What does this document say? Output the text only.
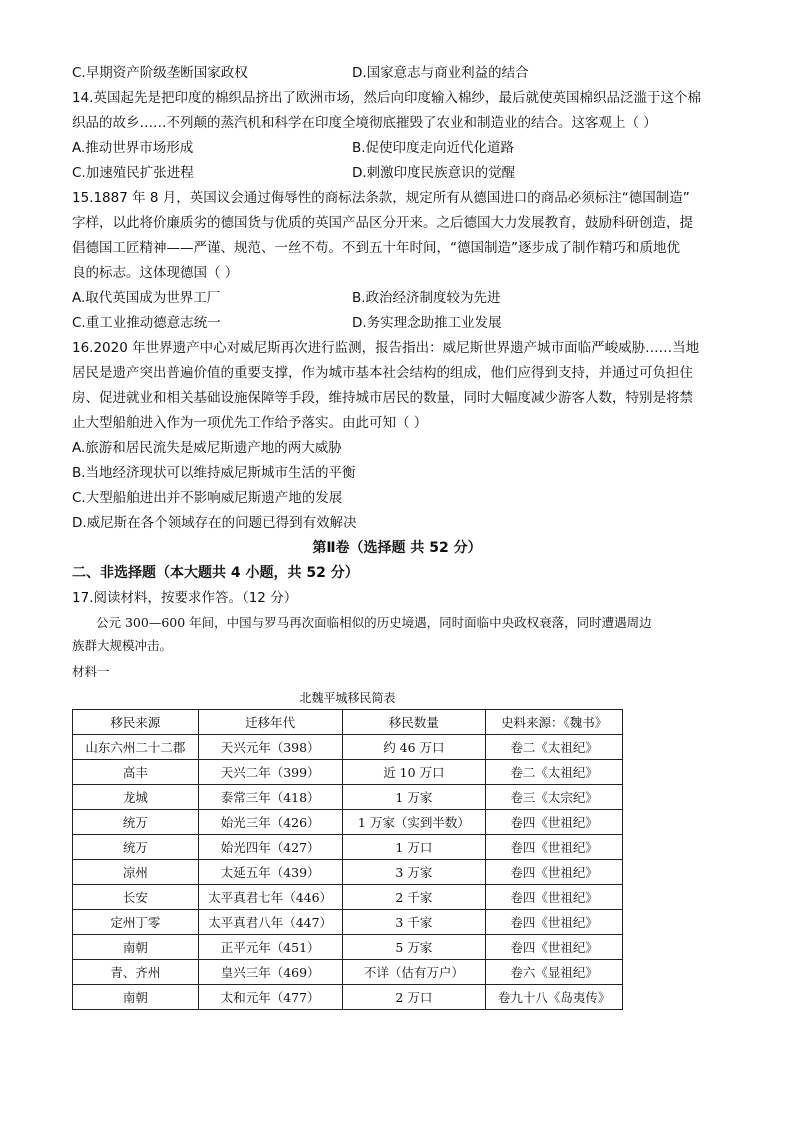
C.早期资产阶级垄断国家政权	D.国家意志与商业利益的结合
14.英国起先是把印度的棉织品挤出了欧洲市场，然后向印度输入棉纱，最后就使英国棉织品泛滥于这个棉
织品的故乡……不列颠的蒸汽机和科学在印度全境彻底摧毁了农业和制造业的结合。这客观上（ ）
A.推动世界市场形成	B.促使印度走向近代化道路
C.加速殖民扩张进程	D.刺激印度民族意识的觉醒
15.1887 年 8 月，英国议会通过侮辱性的商标法条款，规定所有从德国进口的商品必须标注“德国制造”
字样，以此将价廉质劣的德国货与优质的英国产品区分开来。之后德国大力发展教育，鼓励科研创造，提
倡德国工匠精神——严谨、规范、一丝不苟。不到五十年时间，“德国制造”逐步成了制作精巧和质地优
良的标志。这体现德国（ ）
A.取代英国成为世界工厂	B.政治经济制度较为先进
C.重工业推动德意志统一	D.务实理念助推工业发展
16.2020 年世界遗产中心对威尼斯再次进行监测，报告指出：威尼斯世界遗产城市面临严峻威胁……当地
居民是遗产突出普遍价值的重要支撑，作为城市基本社会结构的组成，他们应得到支持，并通过可负担住
房、促进就业和相关基础设施保障等手段，维持城市居民的数量，同时大幅度减少游客人数，特别是将禁
止大型船舶进入作为一项优先工作给予落实。由此可知（ ）
A.旅游和居民流失是威尼斯遗产地的两大威胁
B.当地经济现状可以维持威尼斯城市生活的平衡
C.大型船舶进出并不影响威尼斯遗产地的发展
D.威尼斯在各个领域存在的问题已得到有效解决
第Ⅱ卷（选择题 共 52 分）
二、非选择题（本大题共 4 小题，共 52 分）
17.阅读材料，按要求作答。（12 分）
公元 300—600 年间，中国与罗马再次面临相似的历史境遇，同时面临中央政权衰落，同时遭遇周边
族群大规模冲击。
材料一
北魏平城移民简表
移民来源	迁移年代	移民数量	史料来源：《魏书》
山东六州二十二郡	天兴元年（398）	约 46 万口	卷二《太祖纪》
高丰	天兴二年（399）	近 10 万口	卷二《太祖纪》
龙城	泰常三年（418）	1 万家	卷三《太宗纪》
统万	始光三年（426）	1 万家（实到半数）	卷四《世祖纪》
统万	始光四年（427）	1 万口	卷四《世祖纪》
凉州	太延五年（439）	3 万家	卷四《世祖纪》
长安	太平真君七年（446）	2 千家	卷四《世祖纪》
定州丁零	太平真君八年（447）	3 千家	卷四《世祖纪》
南朝	正平元年（451）	5 万家	卷四《世祖纪》
青、齐州	皇兴三年（469）	不详（估有万户）	卷六《显祖纪》
南朝	太和元年（477）	2 万口	卷九十八《岛夷传》
